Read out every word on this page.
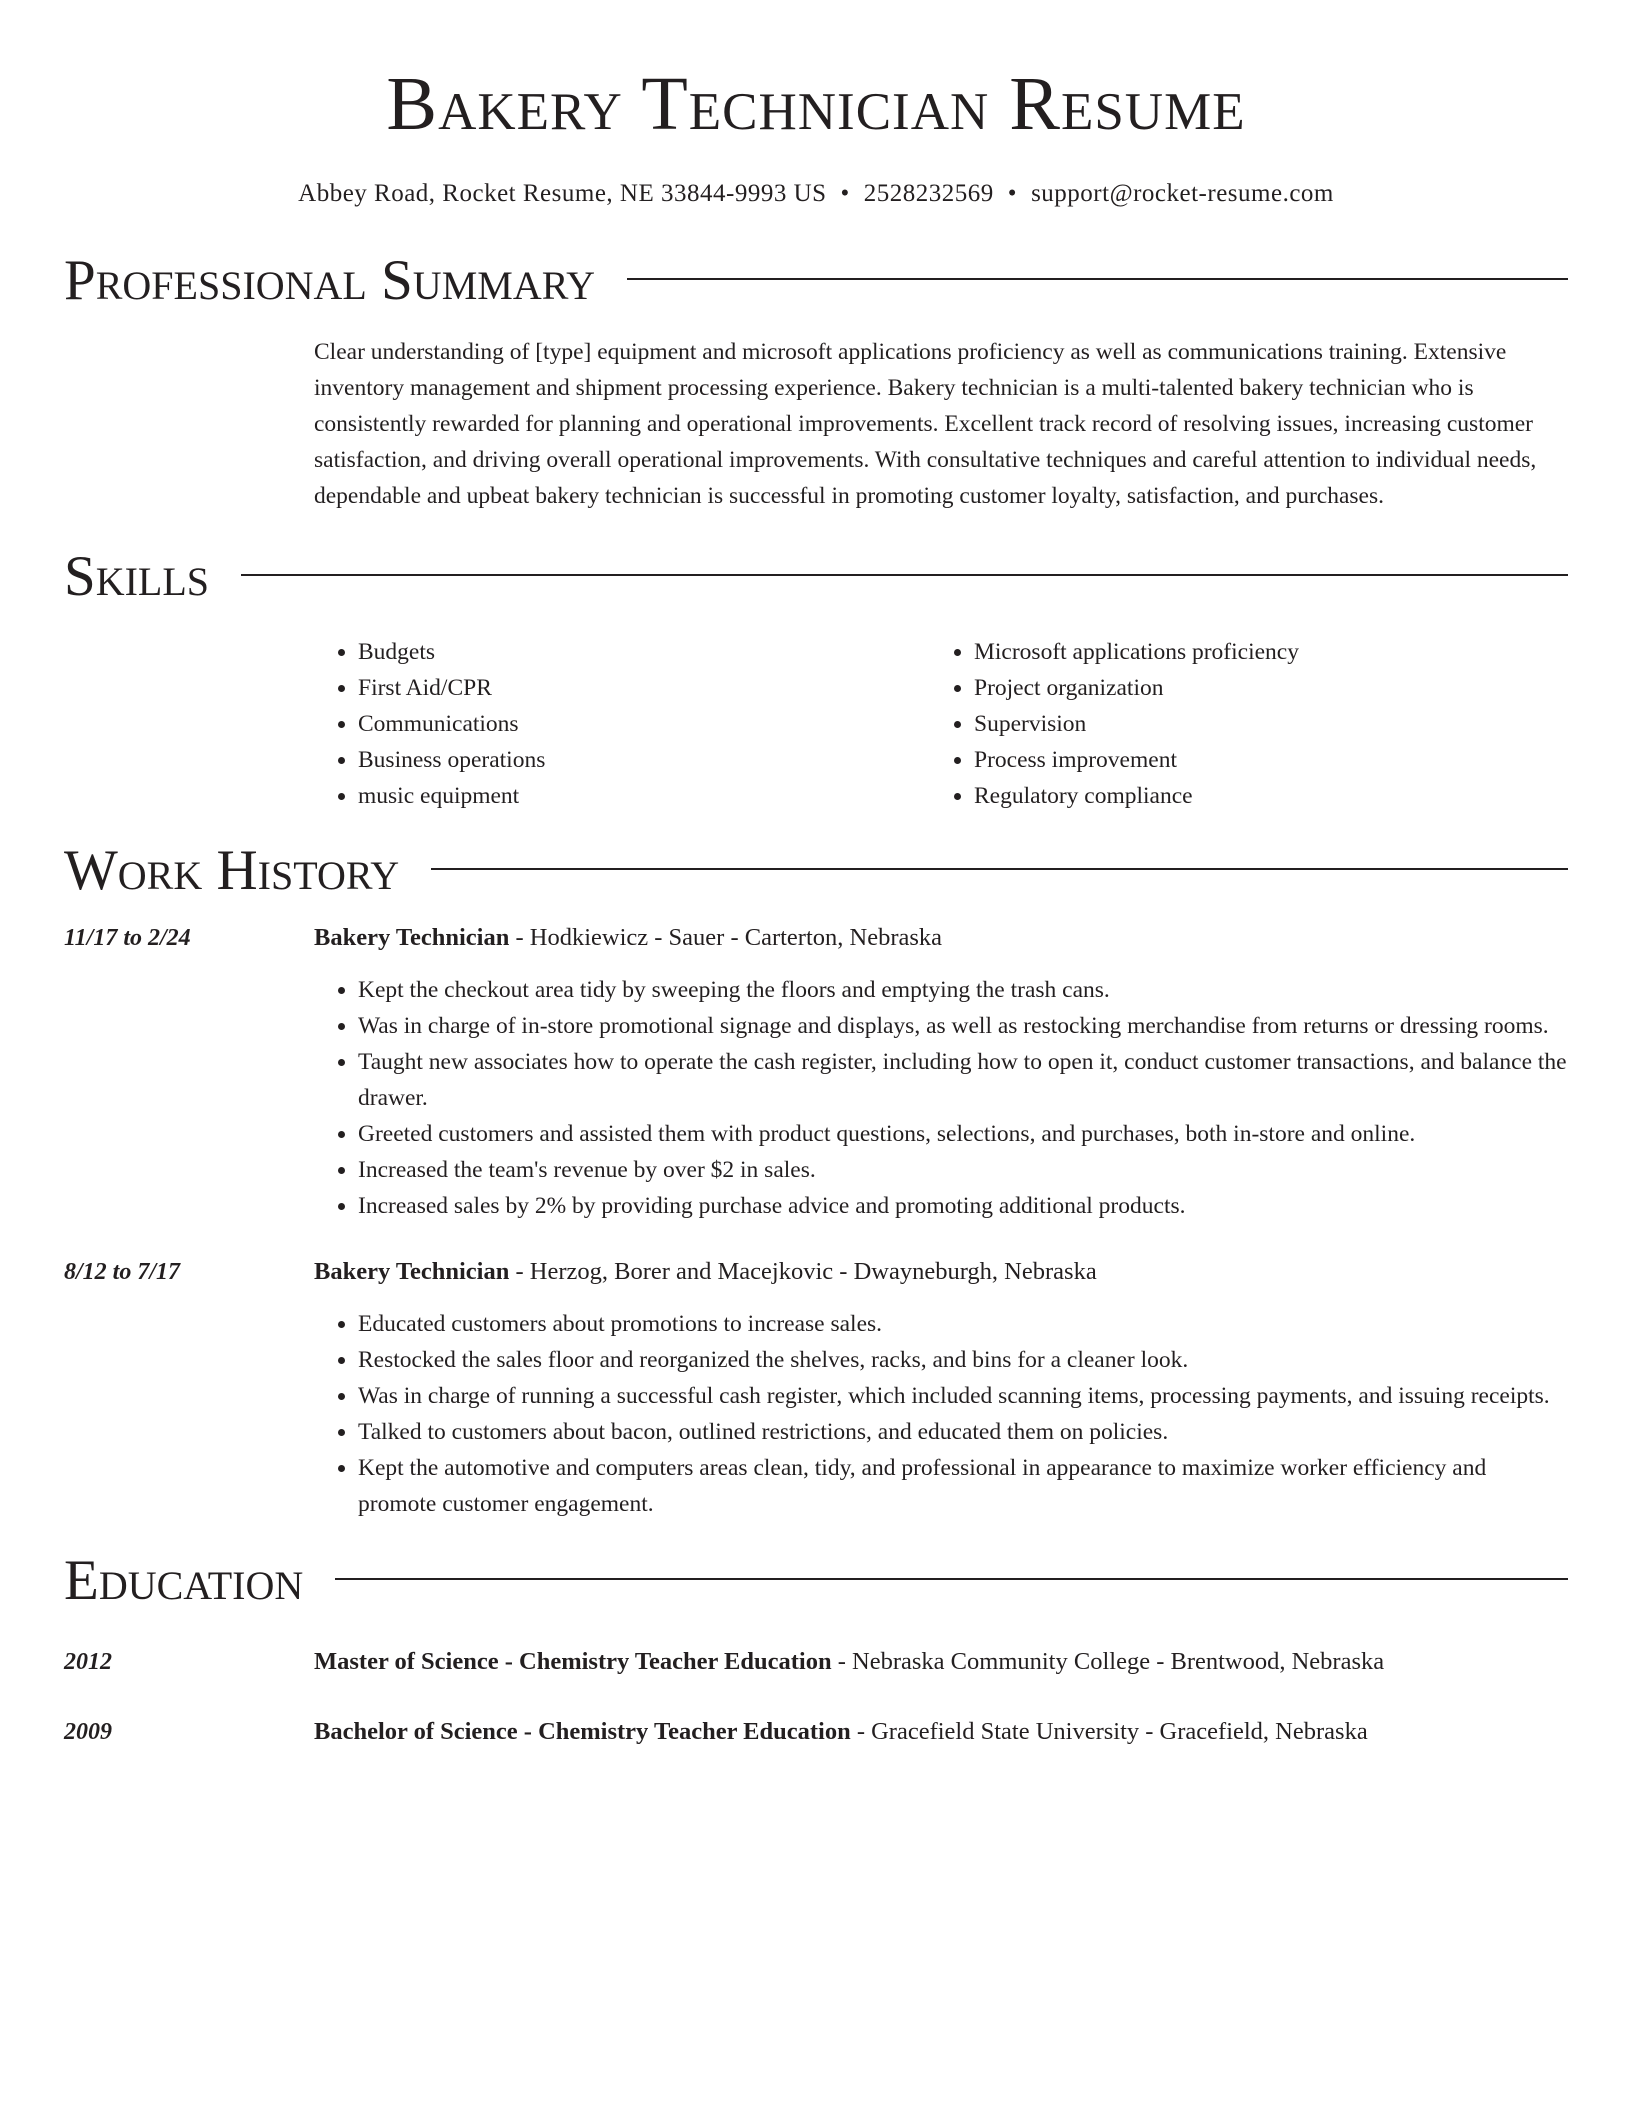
Bakery Technician Resume
Abbey Road, Rocket Resume, NE 33844-9993 US • 2528232569 • support@rocket-resume.com
Professional Summary

Clear understanding of [type] equipment and microsoft applications proficiency as well as communications training. Extensive inventory management and shipment processing experience. Bakery technician is a multi-talented bakery technician who is consistently rewarded for planning and operational improvements. Excellent track record of resolving issues, increasing customer satisfaction, and driving overall operational improvements. With consultative techniques and careful attention to individual needs, dependable and upbeat bakery technician is successful in promoting customer loyalty, satisfaction, and purchases.

Skills
• Budgets
• First Aid/CPR
• Communications
• Business operations
• music equipment
• Microsoft applications proficiency
• Project organization
• Supervision
• Process improvement
• Regulatory compliance
Work History
11/17 to 2/24	Bakery Technician - Hodkiewicz - Sauer - Carterton, Nebraska
• Kept the checkout area tidy by sweeping the floors and emptying the trash cans.
• Was in charge of in-store promotional signage and displays, as well as restocking merchandise from returns or dressing rooms.
• Taught new associates how to operate the cash register, including how to open it, conduct customer transactions, and balance the drawer.
• Greeted customers and assisted them with product questions, selections, and purchases, both in-store and online.
• Increased the team's revenue by over $2 in sales.
• Increased sales by 2% by providing purchase advice and promoting additional products.
8/12 to 7/17	Bakery Technician - Herzog, Borer and Macejkovic - Dwayneburgh, Nebraska
• Educated customers about promotions to increase sales.
• Restocked the sales floor and reorganized the shelves, racks, and bins for a cleaner look.
• Was in charge of running a successful cash register, which included scanning items, processing payments, and issuing receipts.
• Talked to customers about bacon, outlined restrictions, and educated them on policies.
• Kept the automotive and computers areas clean, tidy, and professional in appearance to maximize worker efficiency and promote customer engagement.
Education
2012	Master of Science - Chemistry Teacher Education - Nebraska Community College - Brentwood, Nebraska
2009	Bachelor of Science - Chemistry Teacher Education - Gracefield State University - Gracefield, Nebraska
